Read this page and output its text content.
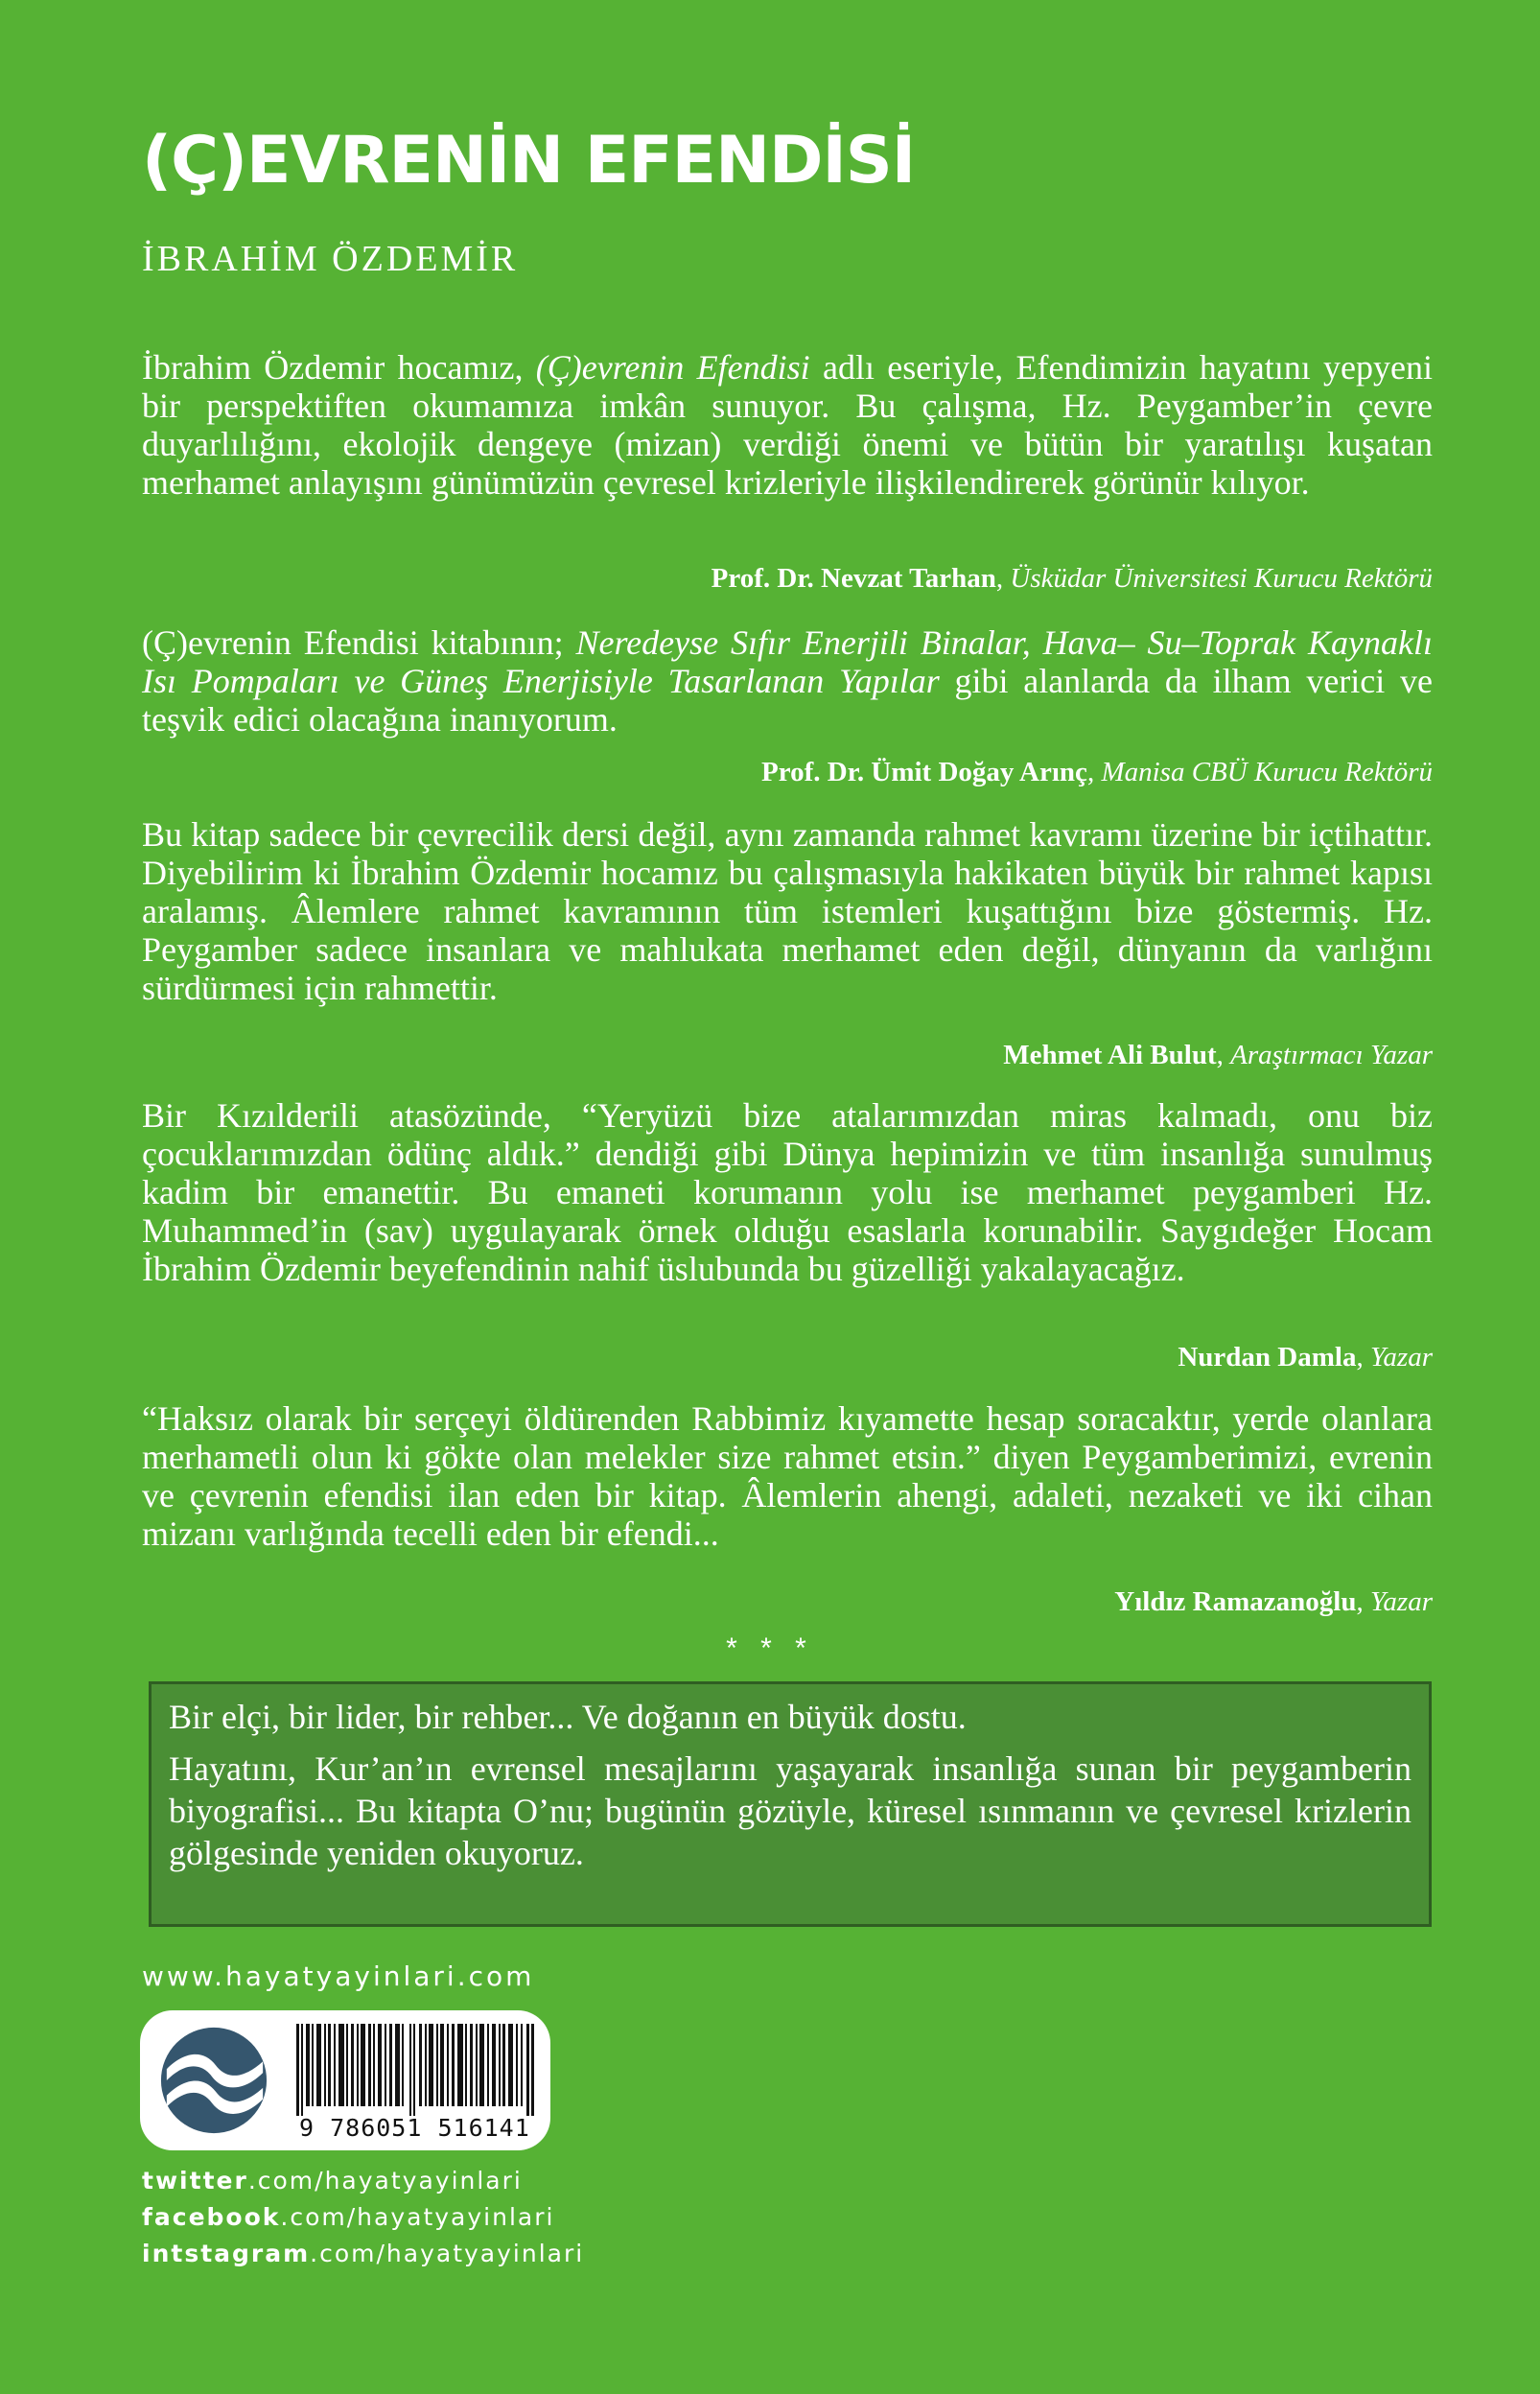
(Ç)EVRENİN EFENDİSİ
İBRAHİM ÖZDEMİR
İbrahim Özdemir hocamız, (Ç)evrenin Efendisi adlı eseriyle, Efendimizin hayatını yepyeni bir perspektiften okumamıza imkân sunuyor. Bu çalışma, Hz. Peygamber’in çevre duyarlılığını, ekolojik dengeye (mizan) verdiği önemi ve bütün bir yaratılışı kuşatan merhamet anlayışını günümüzün çevresel krizleriyle ilişkilendirerek görünür kılıyor.
Prof. Dr. Nevzat Tarhan, Üsküdar Üniversitesi Kurucu Rektörü
(Ç)evrenin Efendisi kitabının; Neredeyse Sıfır Enerjili Binalar, Hava– Su–Toprak Kaynaklı Isı Pompaları ve Güneş Enerjisiyle Tasarlanan Yapılar gibi alanlarda da ilham verici ve teşvik edici olacağına inanıyorum.
Prof. Dr. Ümit Doğay Arınç, Manisa CBÜ Kurucu Rektörü
Bu kitap sadece bir çevrecilik dersi değil, aynı zamanda rahmet kavramı üzerine bir içtihattır. Diyebilirim ki İbrahim Özdemir hocamız bu çalışmasıyla hakikaten büyük bir rahmet kapısı aralamış. Âlemlere rahmet kavramının tüm istemleri kuşattığını bize göstermiş. Hz. Peygamber sadece insanlara ve mahlukata merhamet eden değil, dünyanın da varlığını sürdürmesi için rahmettir.
Mehmet Ali Bulut, Araştırmacı Yazar
Bir Kızılderili atasözünde, “Yeryüzü bize atalarımızdan miras kalmadı, onu biz çocuklarımızdan ödünç aldık.” dendiği gibi Dünya hepimizin ve tüm insanlığa sunulmuş kadim bir emanettir. Bu emaneti korumanın yolu ise merhamet peygamberi Hz. Muhammed’in (sav) uygulayarak örnek olduğu esaslarla korunabilir. Saygıdeğer Hocam İbrahim Özdemir beyefendinin nahif üslubunda bu güzelliği yakalayacağız.
Nurdan Damla, Yazar
“Haksız olarak bir serçeyi öldürenden Rabbimiz kıyamette hesap soracaktır, yerde olanlara merhametli olun ki gökte olan melekler size rahmet etsin.” diyen Peygamberimizi, evrenin ve çevrenin efendisi ilan eden bir kitap. Âlemlerin ahengi, adaleti, nezaketi ve iki cihan mizanı varlığında tecelli eden bir efendi...
Yıldız Ramazanoğlu, Yazar
* * *

Bir elçi, bir lider, bir rehber... Ve doğanın en büyük dostu.

Hayatını, Kur’an’ın evrensel mesajlarını yaşayarak insanlığa sunan bir peygamberin biyografisi... Bu kitapta O’nu; bugünün gözüyle, küresel ısınmanın ve çevresel krizlerin gölgesinde yeniden okuyoruz.

www.hayatyayinlari.com
9 786051 516141
twitter.com/hayatyayinlari
facebook.com/hayatyayinlari
intstagram.com/hayatyayinlari
